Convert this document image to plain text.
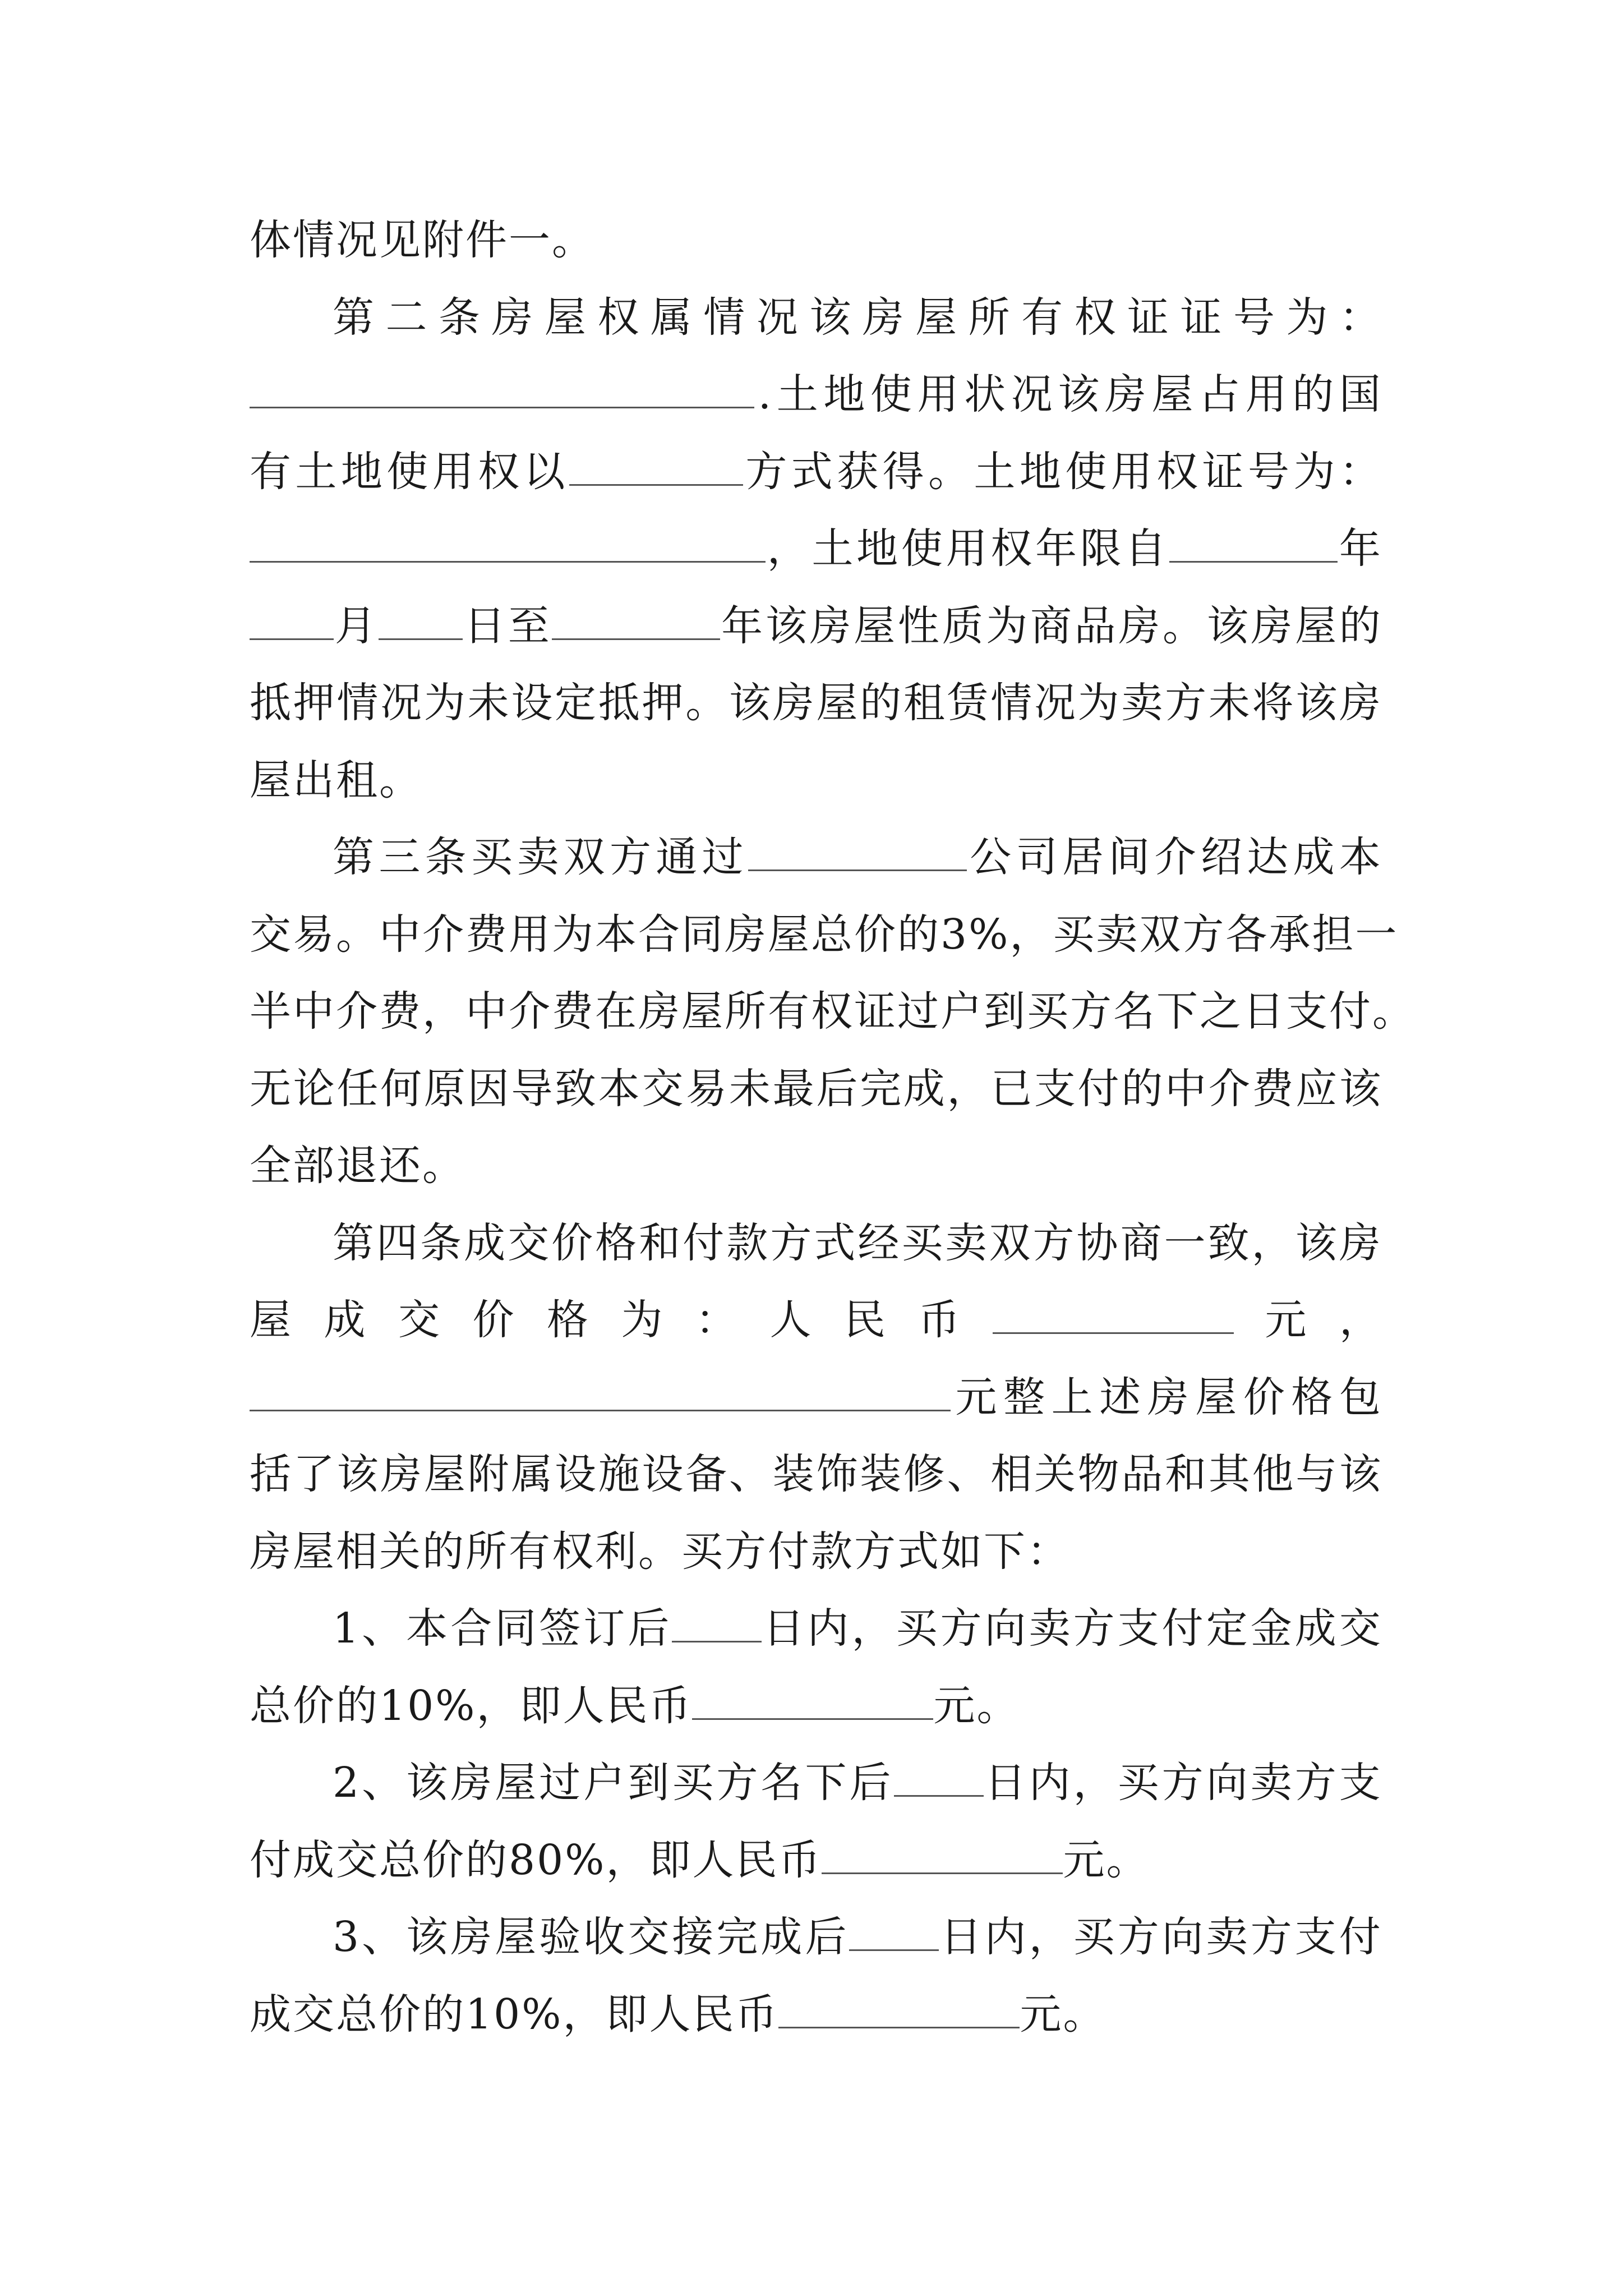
体情况见附件一。
第 二 条 房 屋 权 属 情 况 该 房 屋 所 有 权 证 证 号 为 ：
. 土 地 使 用 状 况 该 房 屋 占 用 的 国
有 土 地 使 用 权 以	方 式 获 得 。 土 地 使 用 权 证 号 为 ：
， 土 地 使 用 权 年 限 自	年
月 日 至	年 该 房 屋 性 质 为 商 品 房 。 该 房 屋 的
抵 押 情 况 为 未 设 定 抵 押 。 该 房 屋 的 租 赁 情 况 为 卖 方 未 将 该 房
屋出租。
第 三 条 买 卖 双 方 通 过	公 司 居 间 介 绍 达 成 本
交 易 。 中 介 费 用 为 本 合 同 房 屋 总 价 的 3 % ， 买 卖 双 方 各 承 担 一
半 中 介 费 ， 中 介 费 在 房 屋 所 有 权 证 过 户 到 买 方 名 下 之 日 支 付 。
无 论 任 何 原 因 导 致 本 交 易 未 最 后 完 成 ， 已 支 付 的 中 介 费 应 该
全部退还。
第 四 条 成 交 价 格 和 付 款 方 式 经 买 卖 双 方 协 商 一 致 ， 该 房
屋 成 交 价 格 为 ： 人 民 币	元 ，
元 整 上 述 房 屋 价 格 包
括 了 该 房 屋 附 属 设 施 设 备 、 装 饰 装 修 、 相 关 物 品 和 其 他 与 该
房屋相关的所有权利。买方付款方式如下：
1 、 本 合 同 签 订 后 日 内 ， 买 方 向 卖 方 支 付 定 金 成 交
总价的10%，即人民币	元。
2 、 该 房 屋 过 户 到 买 方 名 下 后 日 内 ， 买 方 向 卖 方 支
付成交总价的80%，即人民币	元。
3 、 该 房 屋 验 收 交 接 完 成 后 日 内 ， 买 方 向 卖 方 支 付
成交总价的10%，即人民币	元。
